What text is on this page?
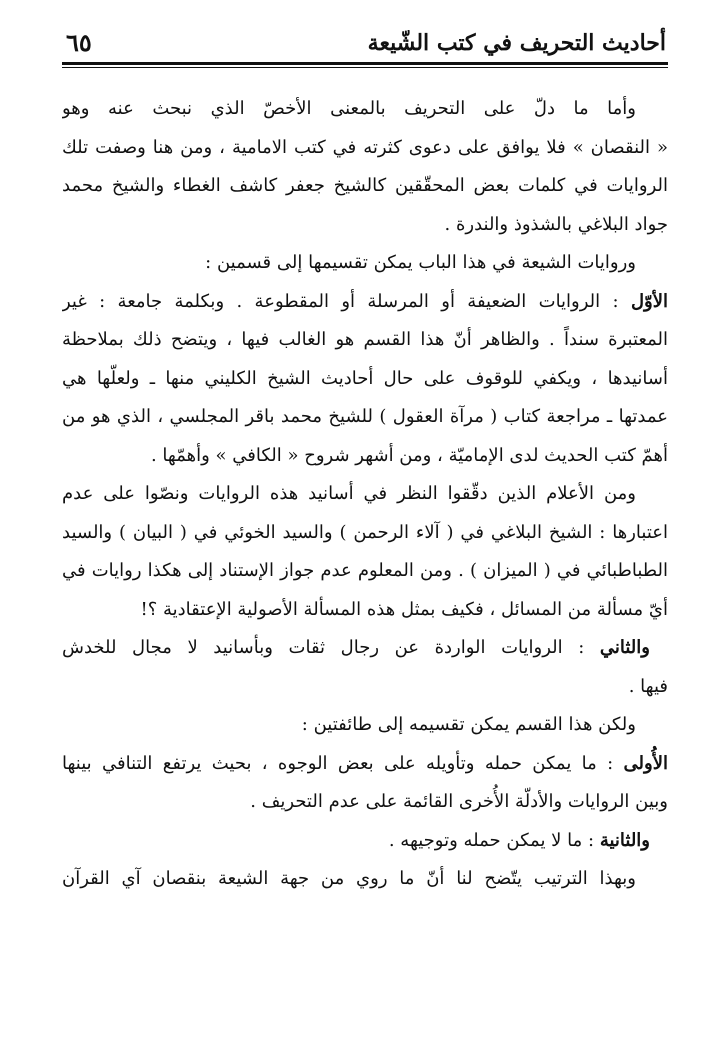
أحاديث التحريف في كتب الشّيعة
٦٥
وأما ما دلّ على التحريف بالمعنى الأخصّ الذي نبحث عنه وهو
« النقصان » فلا يوافق على دعوى كثرته في كتب الامامية ، ومن هنا وصفت تلك
الروايات في كلمات بعض المحقّقين كالشيخ جعفر كاشف الغطاء والشيخ محمد
جواد البلاغي بالشذوذ والندرة .
وروايات الشيعة في هذا الباب يمكن تقسيمها إلى قسمين :
الأوّل : الروايات الضعيفة أو المرسلة أو المقطوعة . وبكلمة جامعة : غير
المعتبرة سنداً . والظاهر أنّ هذا القسم هو الغالب فيها ، ويتضح ذلك بملاحظة
أسانيدها ، ويكفي للوقوف على حال أحاديث الشيخ الكليني منها ـ ولعلّها هي
عمدتها ـ مراجعة كتاب ( مرآة العقول ) للشيخ محمد باقر المجلسي ، الذي هو من
أهمّ كتب الحديث لدى الإماميّة ، ومن أشهر شروح « الكافي » وأهمّها .
ومن الأعلام الذين دقّقوا النظر في أسانيد هذه الروايات ونصّوا على عدم
اعتبارها : الشيخ البلاغي في ( آلاء الرحمن ) والسيد الخوئي في ( البيان ) والسيد
الطباطبائي في ( الميزان ) . ومن المعلوم عدم جواز الإستناد إلى هكذا روايات في
أيّ مسألة من المسائل ، فكيف بمثل هذه المسألة الأصولية الإعتقادية ؟!
والثاني : الروايات الواردة عن رجال ثقات وبأسانيد لا مجال للخدش
فيها .
ولكن هذا القسم يمكن تقسيمه إلى طائفتين :
الأُولى : ما يمكن حمله وتأويله على بعض الوجوه ، بحيث يرتفع التنافي بينها
وبين الروايات والأدلّة الأُخرى القائمة على عدم التحريف .
والثانية : ما لا يمكن حمله وتوجيهه .
وبهذا الترتيب يتّضح لنا أنّ ما روي من جهة الشيعة بنقصان آي القرآن
